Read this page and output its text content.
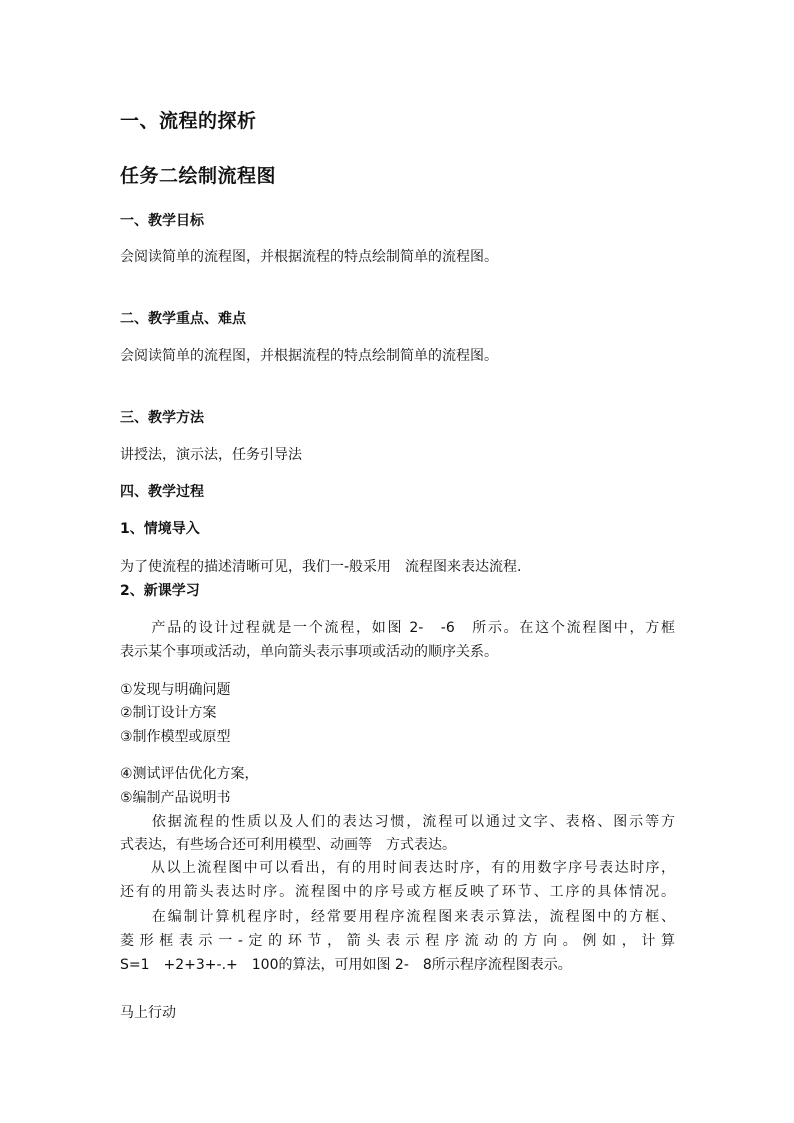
一、流程的探析
任务二绘制流程图
一、教学目标
会阅读简单的流程图，并根据流程的特点绘制简单的流程图。
二、教学重点、难点
会阅读简单的流程图，并根据流程的特点绘制简单的流程图。
三、教学方法
讲授法，演示法，任务引导法
四、教学过程
1、情境导入
为了使流程的描述清晰可见，我们一-般采用　流程图来表达流程.
2、新课学习
　　产品的设计过程就是一个流程，如图 2-　-6　所示。在这个流程图中，方框
表示某个事项或活动，单向箭头表示事项或活动的顺序关系。
①发现与明确问题
②制订设计方案
③制作模型或原型
④测试评估优化方案，
⑤编制产品说明书
　　依据流程的性质以及人们的表达习惯，流程可以通过文字、表格、图示等方
式表达，有些场合还可利用模型、动画等　方式表达。
　　从以上流程图中可以看出，有的用时间表达时序，有的用数字序号表达时序，
还有的用箭头表达时序。流程图中的序号或方框反映了环节、工序的具体情况。
　　在编制计算机程序时，经常要用程序流程图来表示算法，流程图中的方框、
菱形框表示一-定的环节，箭头表示程序流动的方向。例如，计算
S=1　+2+3+-.+　100的算法，可用如图 2-　8所示程序流程图表示。
马上行动
